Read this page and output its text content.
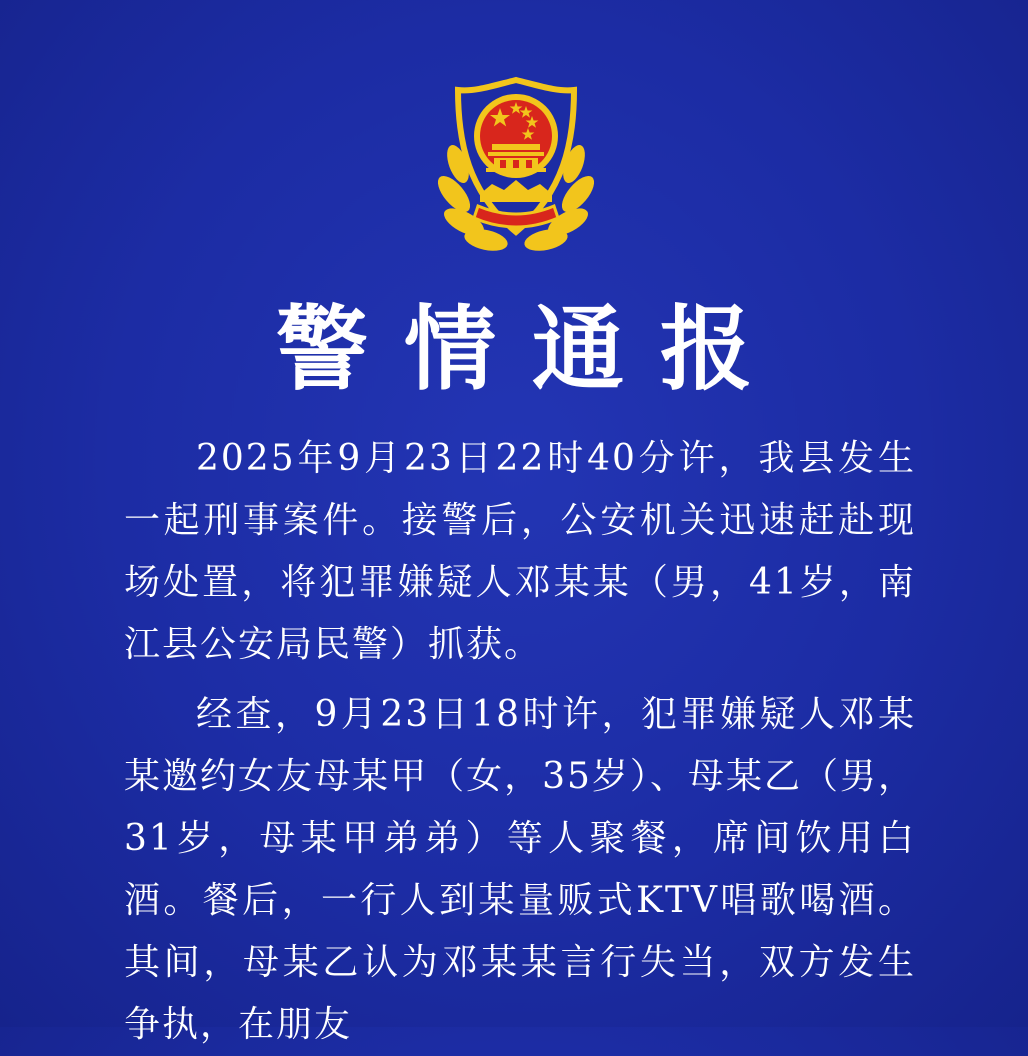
警情通报

2025年9月23日22时40分许，我县发生一起刑事案件。接警后，公安机关迅速赶赴现场处置，将犯罪嫌疑人邓某某（男，41岁，南江县公安局民警）抓获。

经查，9月23日18时许，犯罪嫌疑人邓某某邀约女友母某甲（女，35岁）、母某乙（男，31岁，母某甲弟弟）等人聚餐，席间饮用白酒。餐后，一行人到某量贩式KTV唱歌喝酒。其间，母某乙认为邓某某言行失当，双方发生争执，在朋友
